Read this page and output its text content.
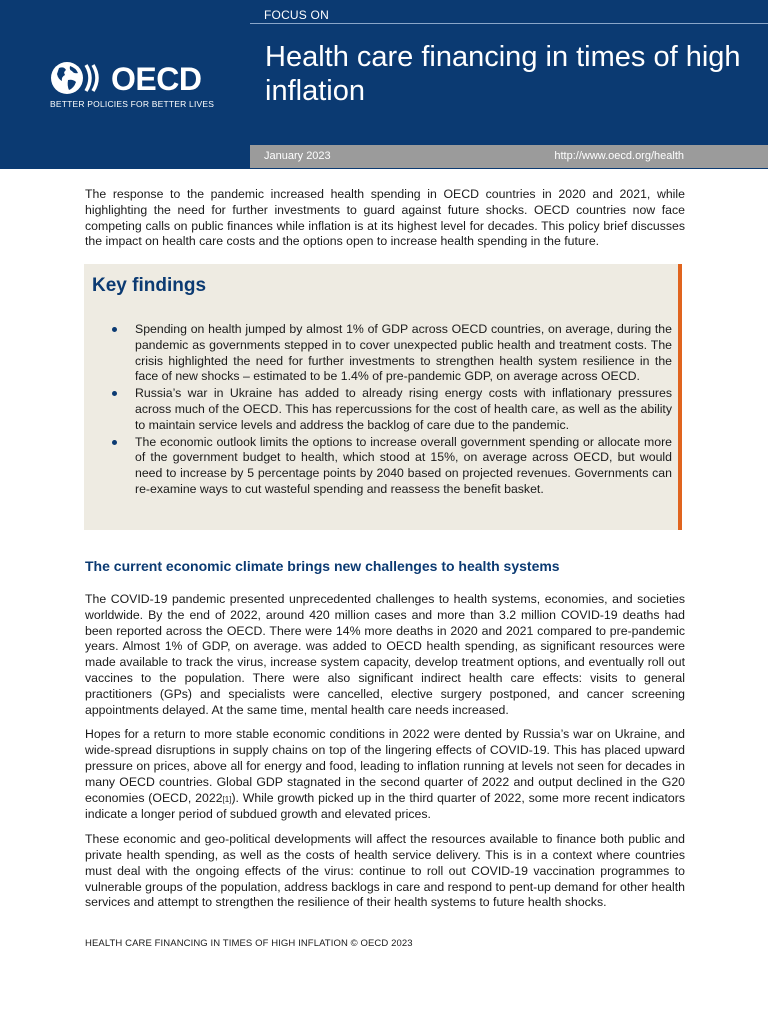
FOCUS ON
Health care financing in times of high inflation
OECD
BETTER POLICIES FOR BETTER LIVES
January 2023	http://www.oecd.org/health
The response to the pandemic increased health spending in OECD countries in 2020 and 2021, while highlighting the need for further investments to guard against future shocks. OECD countries now face competing calls on public finances while inflation is at its highest level for decades. This policy brief discusses the impact on health care costs and the options open to increase health spending in the future.
Key findings
Spending on health jumped by almost 1% of GDP across OECD countries, on average, during the pandemic as governments stepped in to cover unexpected public health and treatment costs. The crisis highlighted the need for further investments to strengthen health system resilience in the face of new shocks – estimated to be 1.4% of pre-pandemic GDP, on average across OECD.
Russia’s war in Ukraine has added to already rising energy costs with inflationary pressures across much of the OECD. This has repercussions for the cost of health care, as well as the ability to maintain service levels and address the backlog of care due to the pandemic.
The economic outlook limits the options to increase overall government spending or allocate more of the government budget to health, which stood at 15%, on average across OECD, but would need to increase by 5 percentage points by 2040 based on projected revenues. Governments can re-examine ways to cut wasteful spending and reassess the benefit basket.
The current economic climate brings new challenges to health systems

The COVID-19 pandemic presented unprecedented challenges to health systems, economies, and societies worldwide. By the end of 2022, around 420 million cases and more than 3.2 million COVID-19 deaths had been reported across the OECD. There were 14% more deaths in 2020 and 2021 compared to pre-pandemic years. Almost 1% of GDP, on average. was added to OECD health spending, as significant resources were made available to track the virus, increase system capacity, develop treatment options, and eventually roll out vaccines to the population. There were also significant indirect health care effects: visits to general practitioners (GPs) and specialists were cancelled, elective surgery postponed, and cancer screening appointments delayed. At the same time, mental health care needs increased.

Hopes for a return to more stable economic conditions in 2022 were dented by Russia’s war on Ukraine, and wide-spread disruptions in supply chains on top of the lingering effects of COVID-19. This has placed upward pressure on prices, above all for energy and food, leading to inflation running at levels not seen for decades in many OECD countries. Global GDP stagnated in the second quarter of 2022 and output declined in the G20 economies (OECD, 2022[1]). While growth picked up in the third quarter of 2022, some more recent indicators indicate a longer period of subdued growth and elevated prices.

These economic and geo-political developments will affect the resources available to finance both public and private health spending, as well as the costs of health service delivery. This is in a context where countries must deal with the ongoing effects of the virus: continue to roll out COVID-19 vaccination programmes to vulnerable groups of the population, address backlogs in care and respond to pent-up demand for other health services and attempt to strengthen the resilience of their health systems to future health shocks.

HEALTH CARE FINANCING IN TIMES OF HIGH INFLATION © OECD 2023
